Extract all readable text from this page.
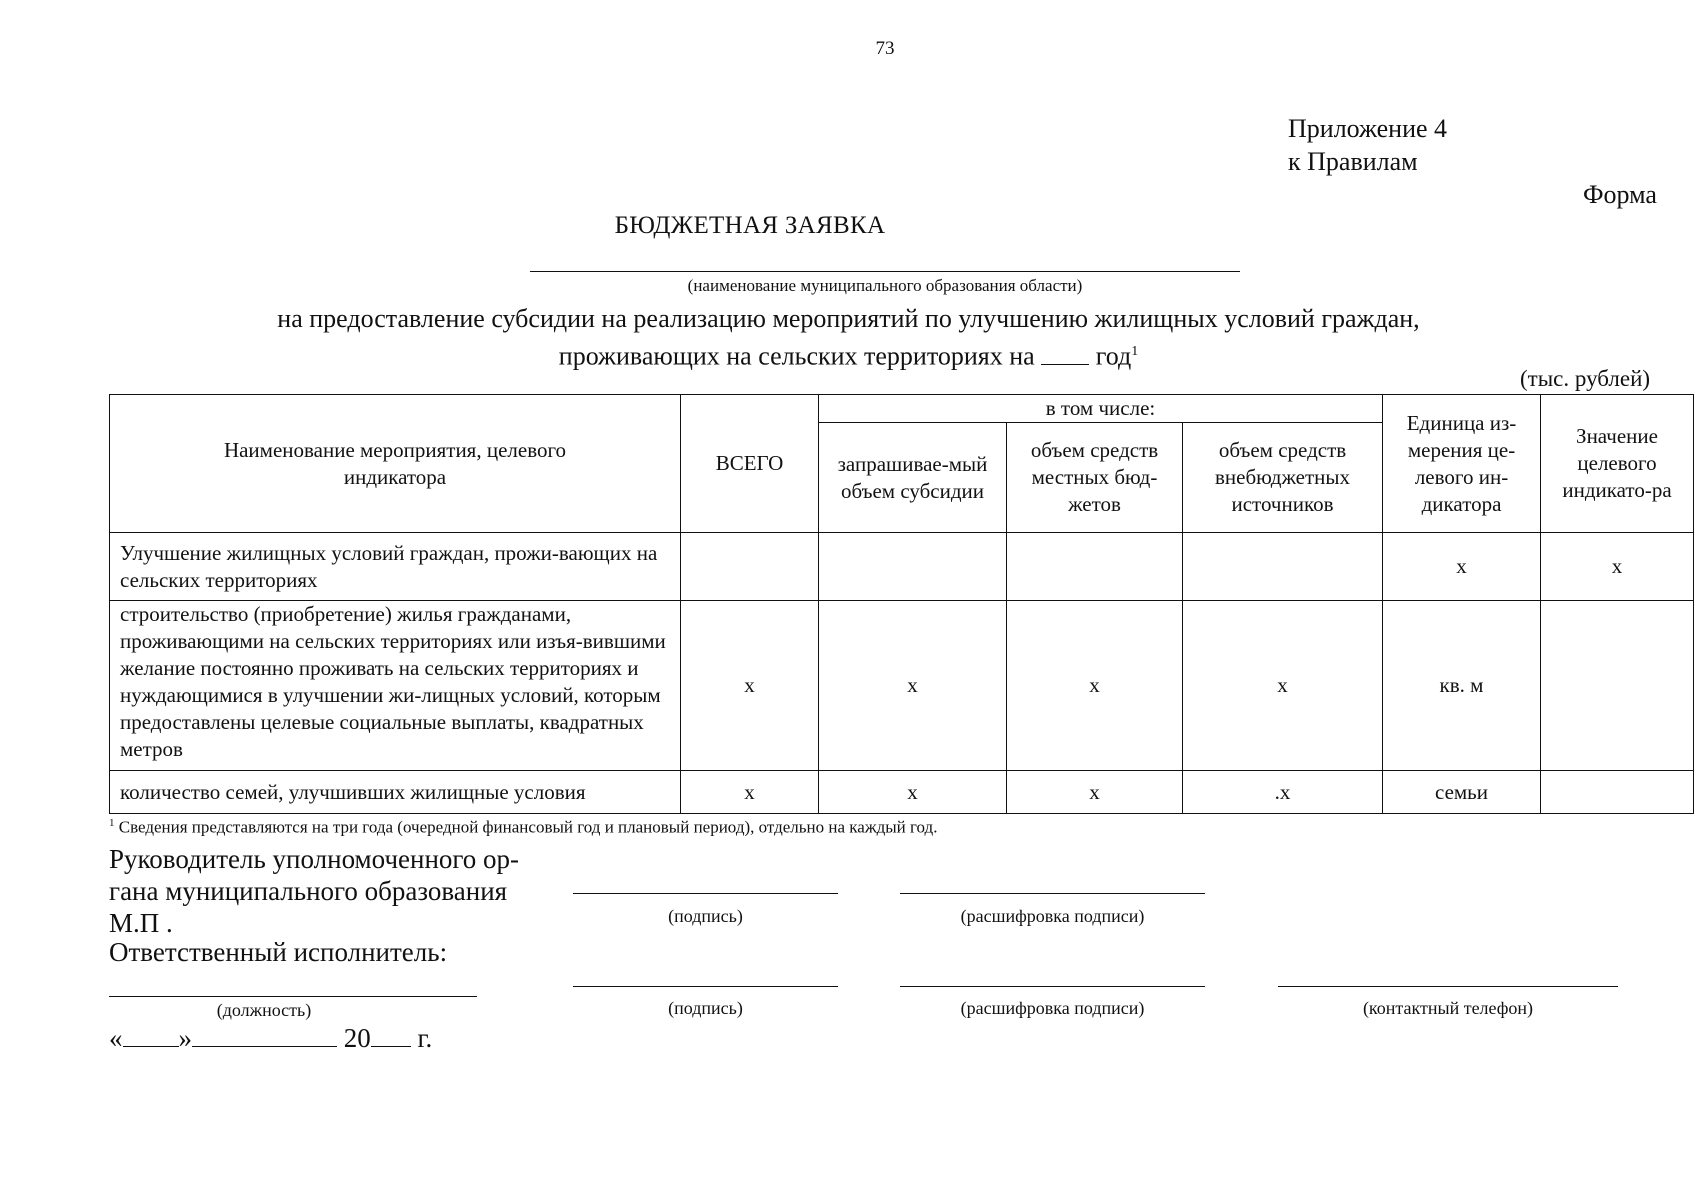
73
Приложение 4
к Правилам
Форма
БЮДЖЕТНАЯ ЗАЯВКА
(наименование муниципального образования области)
на предоставление субсидии на реализацию мероприятий по улучшению жилищных условий граждан,
проживающих на сельских территориях на год$^1$
(тыс. рублей)
Наименование мероприятия, целевого индикатора	ВСЕГО	в том числе:			Единица из-мерения це-левого ин-дикатора	Значение целевого индикато-ра
		запрашивае-мый объем субсидии	объем средств местных бюд-жетов	объем средств внебюджетных источников		
Улучшение жилищных условий граждан, прожи-вающих на сельских территориях					х	х
строительство (приобретение) жилья гражданами, проживающими на сельских территориях или изъя-вившими желание постоянно проживать на сельских территориях и нуждающимися в улучшении жи-лищных условий, которым предоставлены целевые социальные выплаты, квадратных метров	х	х	х	х	кв. м	
количество семей, улучшивших жилищные условия	х	х	х	.х	семьи	
$^1$ Сведения представляются на три года (очередной финансовый год и плановый период), отдельно на каждый год.
Руководитель уполномоченного ор-
гана муниципального образования
М.П .	(подпись)	(расшифровка подписи)
Ответственный исполнитель:
(должность)	(подпись)	(расшифровка подписи)	(контактный телефон)
« »	20 г.
